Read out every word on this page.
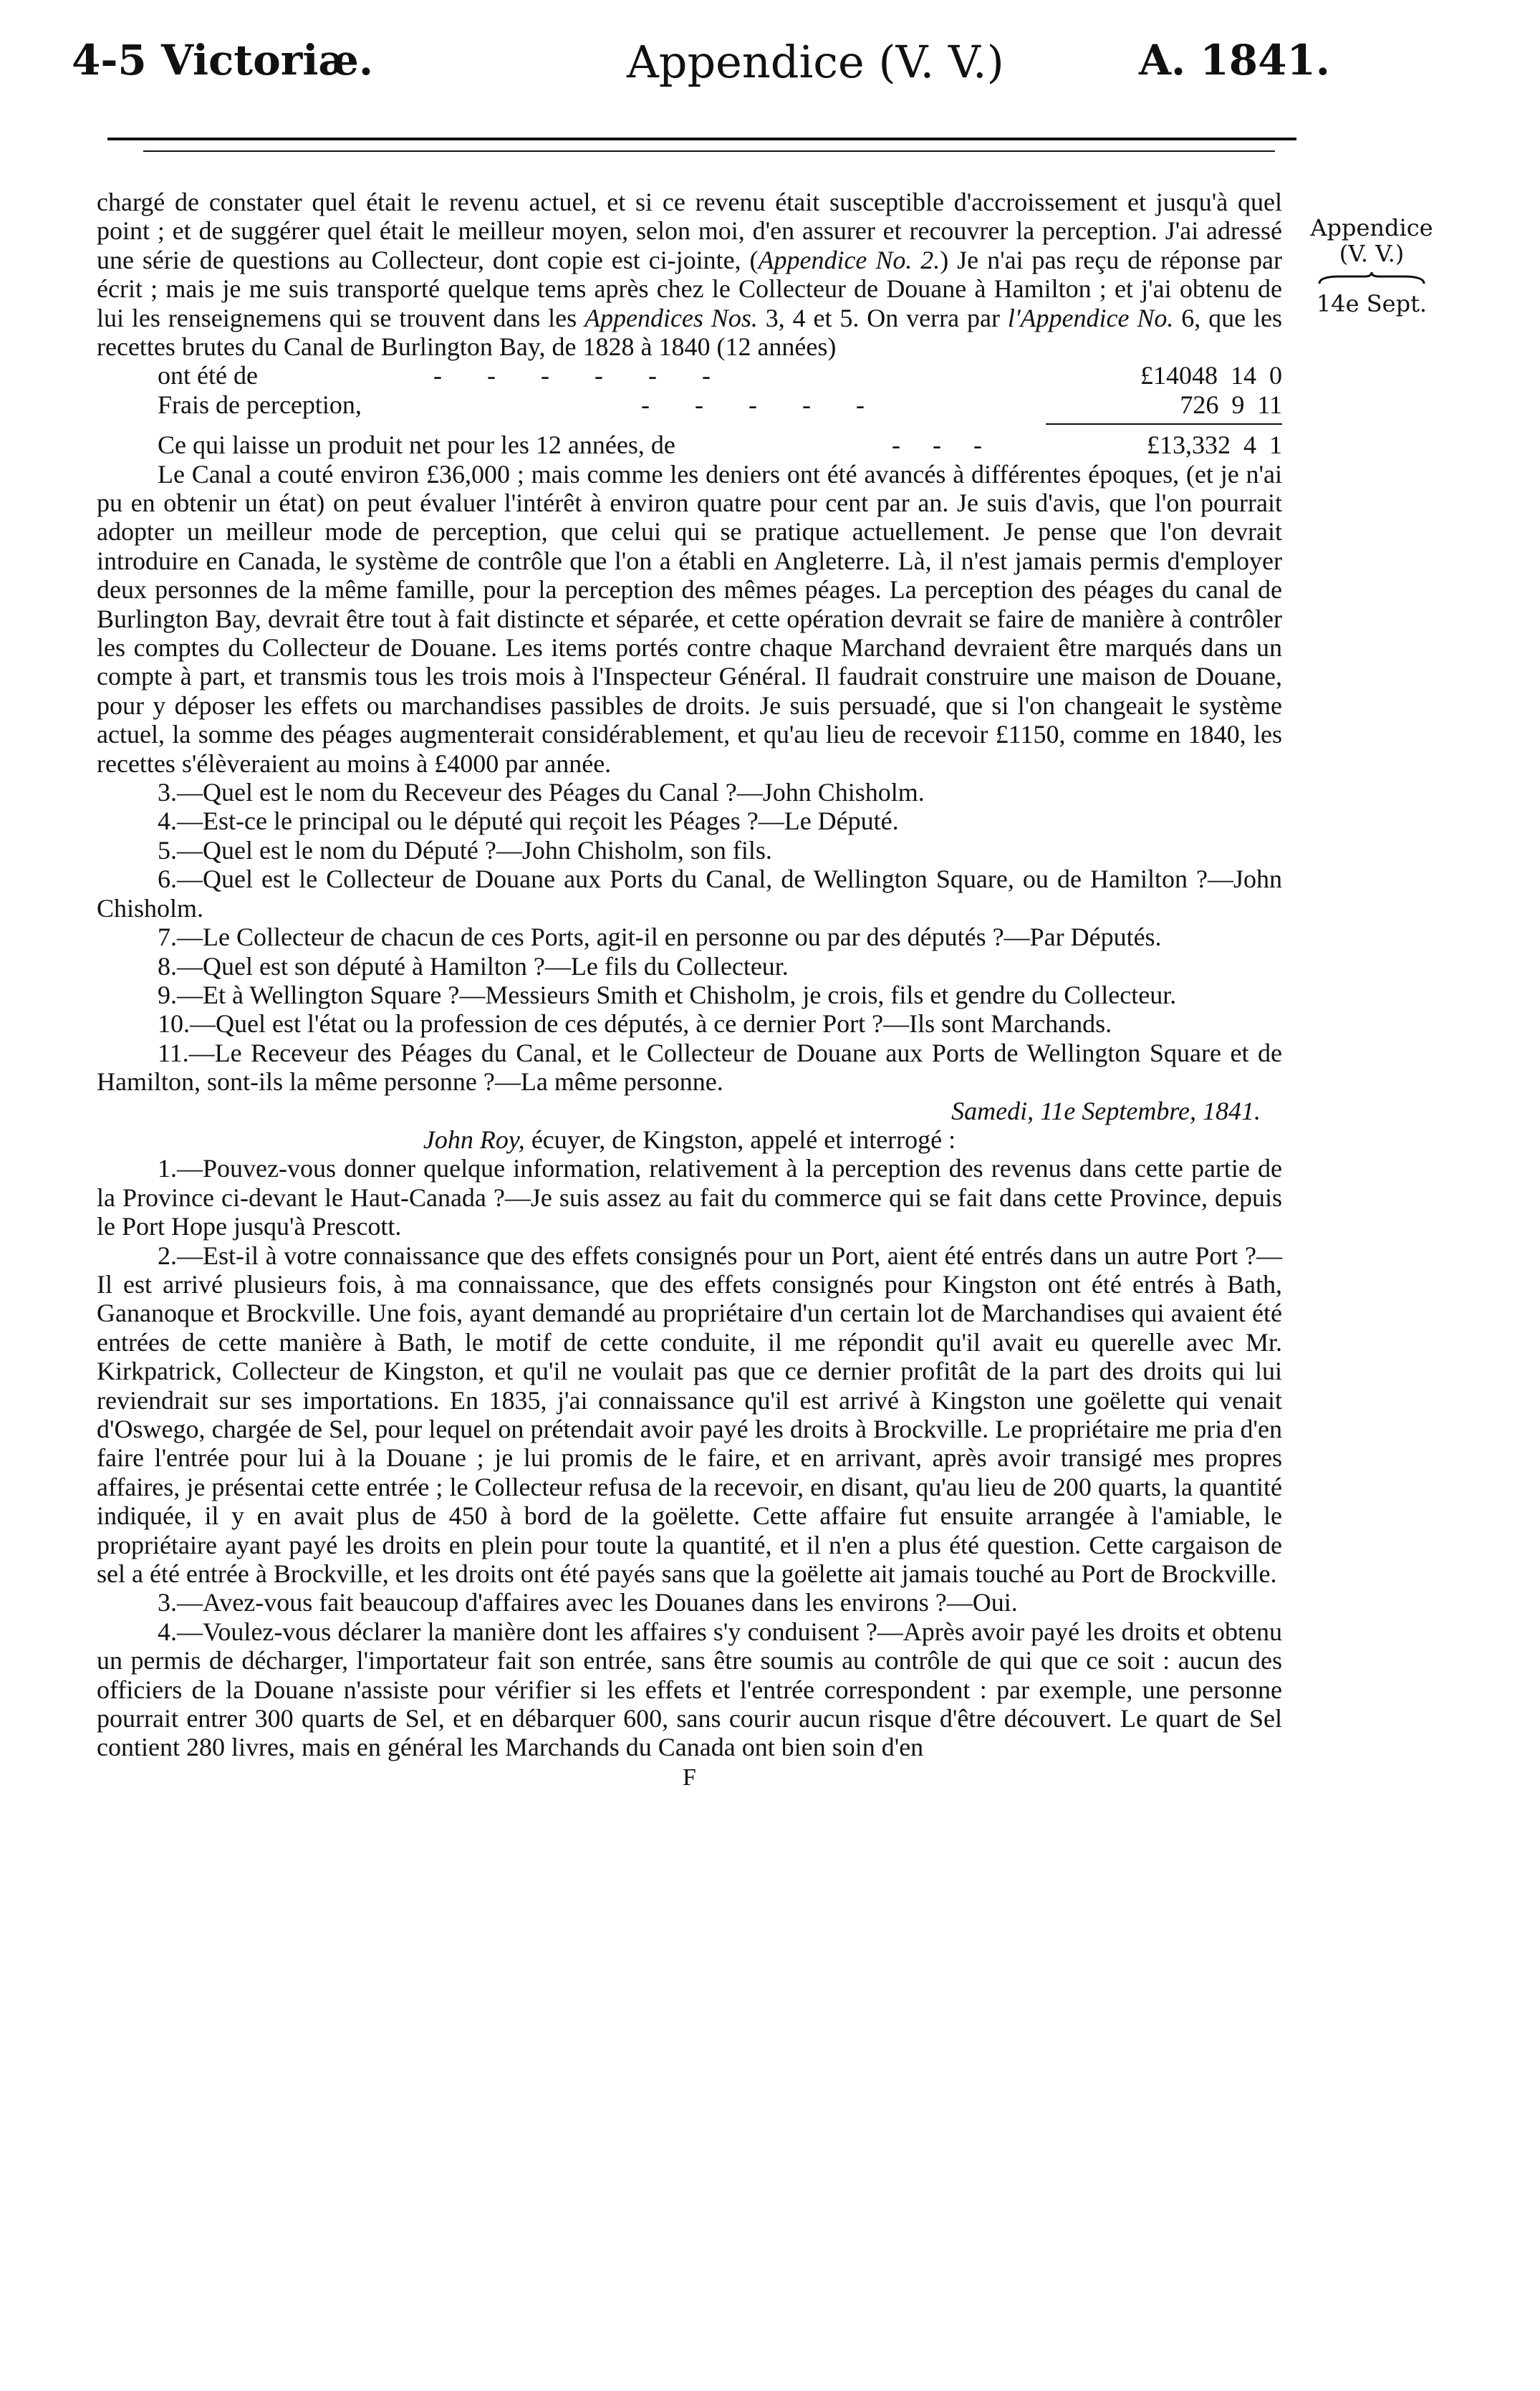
4-5 Victoriæ.	Appendice (V. V.)	A. 1841.
Appendice
(V. V.)
14e Sept.

chargé de constater quel était le revenu actuel, et si ce revenu était susceptible d'accroissement et jusqu'à quel point ; et de suggérer quel était le meilleur moyen, selon moi, d'en assurer et recouvrer la perception. J'ai adressé une série de questions au Collecteur, dont copie est ci-jointe, (Appendice No. 2.) Je n'ai pas reçu de réponse par écrit ; mais je me suis transporté quelque tems après chez le Collecteur de Douane à Hamilton ; et j'ai obtenu de lui les renseignemens qui se trouvent dans les Appendices Nos. 3, 4 et 5. On verra par l'Appendice No. 6, que les recettes brutes du Canal de Burlington Bay, de 1828 à 1840 (12 années)

ont été de	-       -       -       -       -       -	£14048  14  0
Frais de perception,	-       -       -       -       -	726  9  11
Ce qui laisse un produit net pour les 12 années, de	-     -     -	£13,332  4  1

Le Canal a couté environ £36,000 ; mais comme les deniers ont été avancés à différentes époques, (et je n'ai pu en obtenir un état) on peut évaluer l'intérêt à environ quatre pour cent par an. Je suis d'avis, que l'on pourrait adopter un meilleur mode de perception, que celui qui se pratique actuellement. Je pense que l'on devrait introduire en Canada, le système de contrôle que l'on a établi en Angleterre. Là, il n'est jamais permis d'employer deux personnes de la même famille, pour la perception des mêmes péages. La perception des péages du canal de Burlington Bay, devrait être tout à fait distincte et séparée, et cette opération devrait se faire de manière à contrôler les comptes du Collecteur de Douane. Les items portés contre chaque Marchand devraient être marqués dans un compte à part, et transmis tous les trois mois à l'Inspecteur Général. Il faudrait construire une maison de Douane, pour y déposer les effets ou marchandises passibles de droits. Je suis persuadé, que si l'on changeait le système actuel, la somme des péages augmenterait considérablement, et qu'au lieu de recevoir £1150, comme en 1840, les recettes s'élèveraient au moins à £4000 par année.

3.—Quel est le nom du Receveur des Péages du Canal ?—John Chisholm.

4.—Est-ce le principal ou le député qui reçoit les Péages ?—Le Député.

5.—Quel est le nom du Député ?—John Chisholm, son fils.

6.—Quel est le Collecteur de Douane aux Ports du Canal, de Wellington Square, ou de Hamilton ?—John Chisholm.

7.—Le Collecteur de chacun de ces Ports, agit-il en personne ou par des députés ?—Par Députés.

8.—Quel est son député à Hamilton ?—Le fils du Collecteur.

9.—Et à Wellington Square ?—Messieurs Smith et Chisholm, je crois, fils et gendre du Collecteur.

10.—Quel est l'état ou la profession de ces députés, à ce dernier Port ?—Ils sont Marchands.

11.—Le Receveur des Péages du Canal, et le Collecteur de Douane aux Ports de Wellington Square et de Hamilton, sont-ils la même personne ?—La même personne.

Samedi, 11e Septembre, 1841.

John Roy, écuyer, de Kingston, appelé et interrogé :

1.—Pouvez-vous donner quelque information, relativement à la perception des revenus dans cette partie de la Province ci-devant le Haut-Canada ?—Je suis assez au fait du commerce qui se fait dans cette Province, depuis le Port Hope jusqu'à Prescott.

2.—Est-il à votre connaissance que des effets consignés pour un Port, aient été entrés dans un autre Port ?—Il est arrivé plusieurs fois, à ma connaissance, que des effets consignés pour Kingston ont été entrés à Bath, Gananoque et Brockville. Une fois, ayant demandé au propriétaire d'un certain lot de Marchandises qui avaient été entrées de cette manière à Bath, le motif de cette conduite, il me répondit qu'il avait eu querelle avec Mr. Kirkpatrick, Collecteur de Kingston, et qu'il ne voulait pas que ce dernier profitât de la part des droits qui lui reviendrait sur ses importations. En 1835, j'ai connaissance qu'il est arrivé à Kingston une goëlette qui venait d'Oswego, chargée de Sel, pour lequel on prétendait avoir payé les droits à Brockville. Le propriétaire me pria d'en faire l'entrée pour lui à la Douane ; je lui promis de le faire, et en arrivant, après avoir transigé mes propres affaires, je présentai cette entrée ; le Collecteur refusa de la recevoir, en disant, qu'au lieu de 200 quarts, la quantité indiquée, il y en avait plus de 450 à bord de la goëlette. Cette affaire fut ensuite arrangée à l'amiable, le propriétaire ayant payé les droits en plein pour toute la quantité, et il n'en a plus été question. Cette cargaison de sel a été entrée à Brockville, et les droits ont été payés sans que la goëlette ait jamais touché au Port de Brockville.

3.—Avez-vous fait beaucoup d'affaires avec les Douanes dans les environs ?—Oui.

4.—Voulez-vous déclarer la manière dont les affaires s'y conduisent ?—Après avoir payé les droits et obtenu un permis de décharger, l'importateur fait son entrée, sans être soumis au contrôle de qui que ce soit : aucun des officiers de la Douane n'assiste pour vérifier si les effets et l'entrée correspondent : par exemple, une personne pourrait entrer 300 quarts de Sel, et en débarquer 600, sans courir aucun risque d'être découvert. Le quart de Sel contient 280 livres, mais en général les Marchands du Canada ont bien soin d'en

F
